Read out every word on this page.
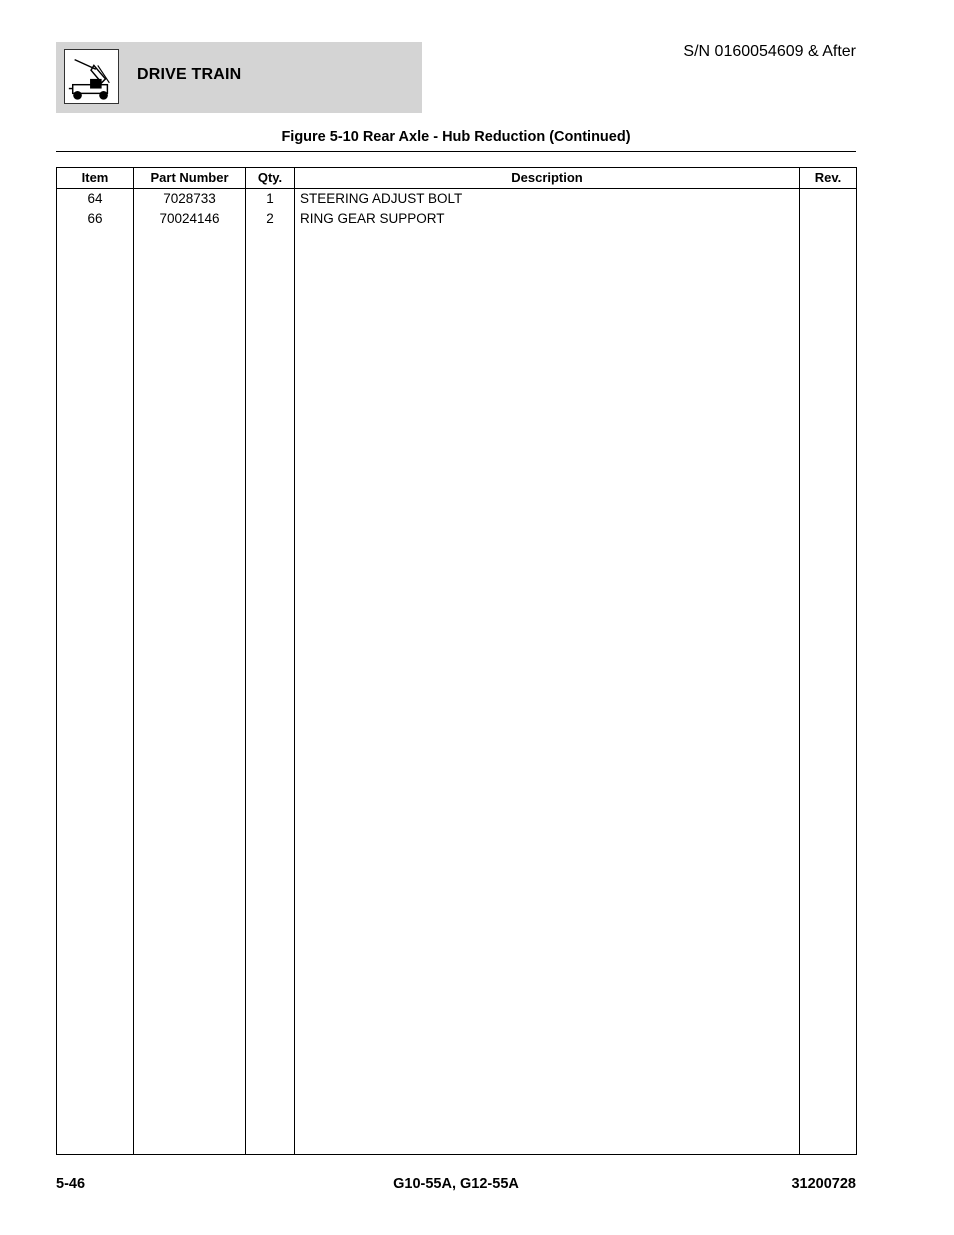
DRIVE TRAIN
S/N 0160054609 & After
Figure 5-10 Rear Axle - Hub Reduction (Continued)
Item	Part Number	Qty.	Description	Rev.
64	7028733	1	STEERING ADJUST BOLT	
66	70024146	2	RING GEAR SUPPORT	

5-46	G10-55A, G12-55A	31200728
